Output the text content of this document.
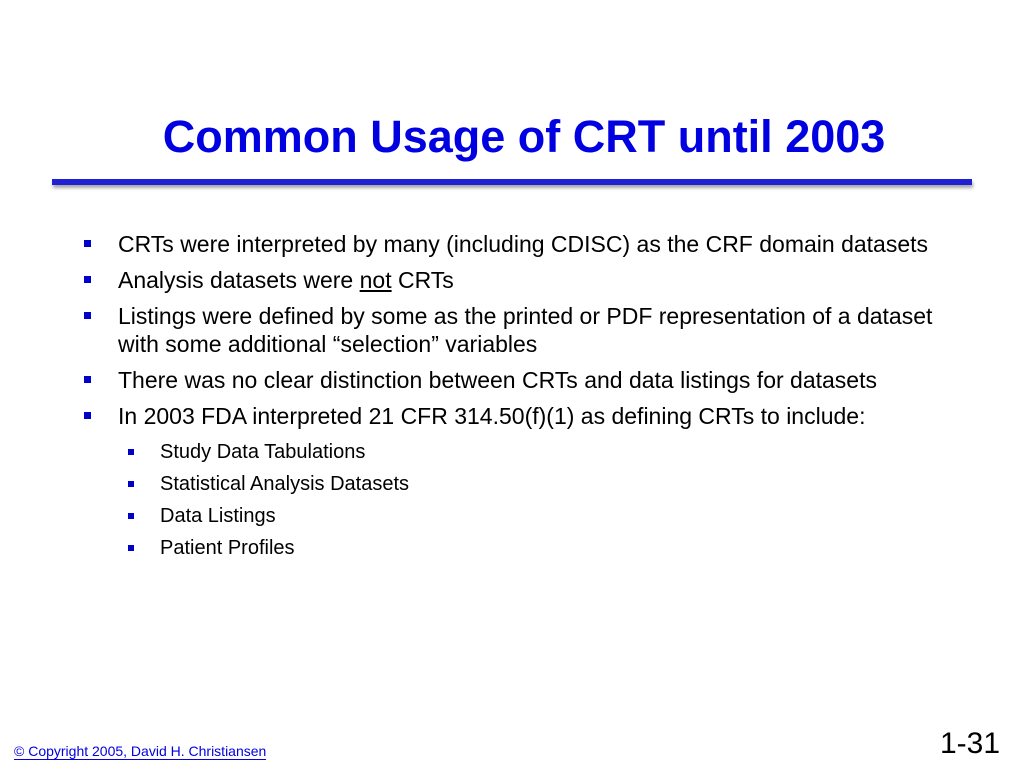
Common Usage of CRT until 2003
CRTs were interpreted by many (including CDISC) as the CRF domain datasets
Analysis datasets were not CRTs
Listings were defined by some as the printed or PDF representation of a dataset with some additional “selection” variables
There was no clear distinction between CRTs and data listings for datasets
In 2003 FDA interpreted 21 CFR 314.50(f)(1) as defining CRTs to include:
Study Data Tabulations
Statistical Analysis Datasets
Data Listings
Patient Profiles
© Copyright 2005, David H. Christiansen	1-31
